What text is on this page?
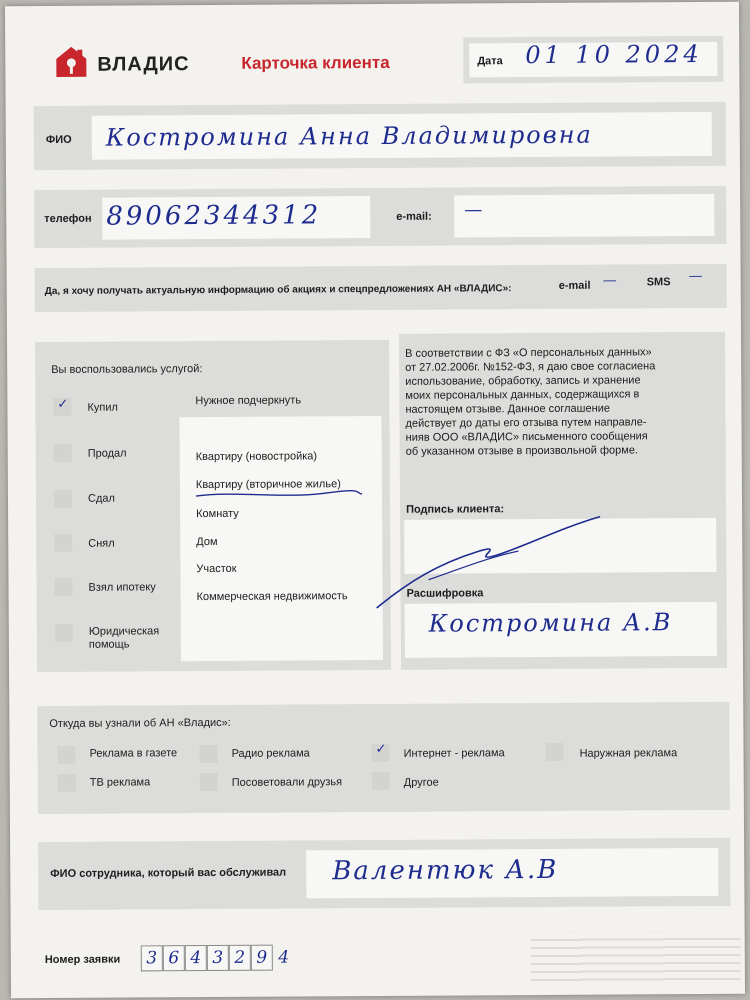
ВЛАДИС	Карточка клиента	Дата 01 10 2024
ФИО Костромина Анна Владимировна
телефон 89062344312	e-mail: —
Да, я хочу получать актуальную информацию об акциях и спецпредложениях АН «ВЛАДИС»:	e-mail —	SMS —
Вы воспользовались услугой:
Нужное подчеркнуть
✓ Купил
Продал
Сдал
Снял
Взял ипотеку
Юридическая
помощь
Квартиру (новостройка)
Квартиру (вторичное жилье)
Комнату
Дом
Участок
Коммерческая недвижимость
В соответствии с ФЗ «О персональных данных»
от 27.02.2006г. №152-ФЗ, я даю свое согласиена
использование, обработку, запись и хранение
моих персональных данных, содержащихся в
настоящем отзыве. Данное соглашение
действует до даты его отзыва путем направле-
нияв ООО «ВЛАДИС» письменного сообщения
об указанном отзыве в произвольной форме.
Подпись клиента:
Расшифровка
Костромина А.В
Откуда вы узнали об АН «Владис»:
Реклама в газете	Радио реклама	✓ Интернет - реклама	Наружная реклама
ТВ реклама	Посоветовали друзья	Другое
ФИО сотрудника, который вас обслуживал Валентюк А.В
Номер заявки	3 6 4 3 2 9 4
